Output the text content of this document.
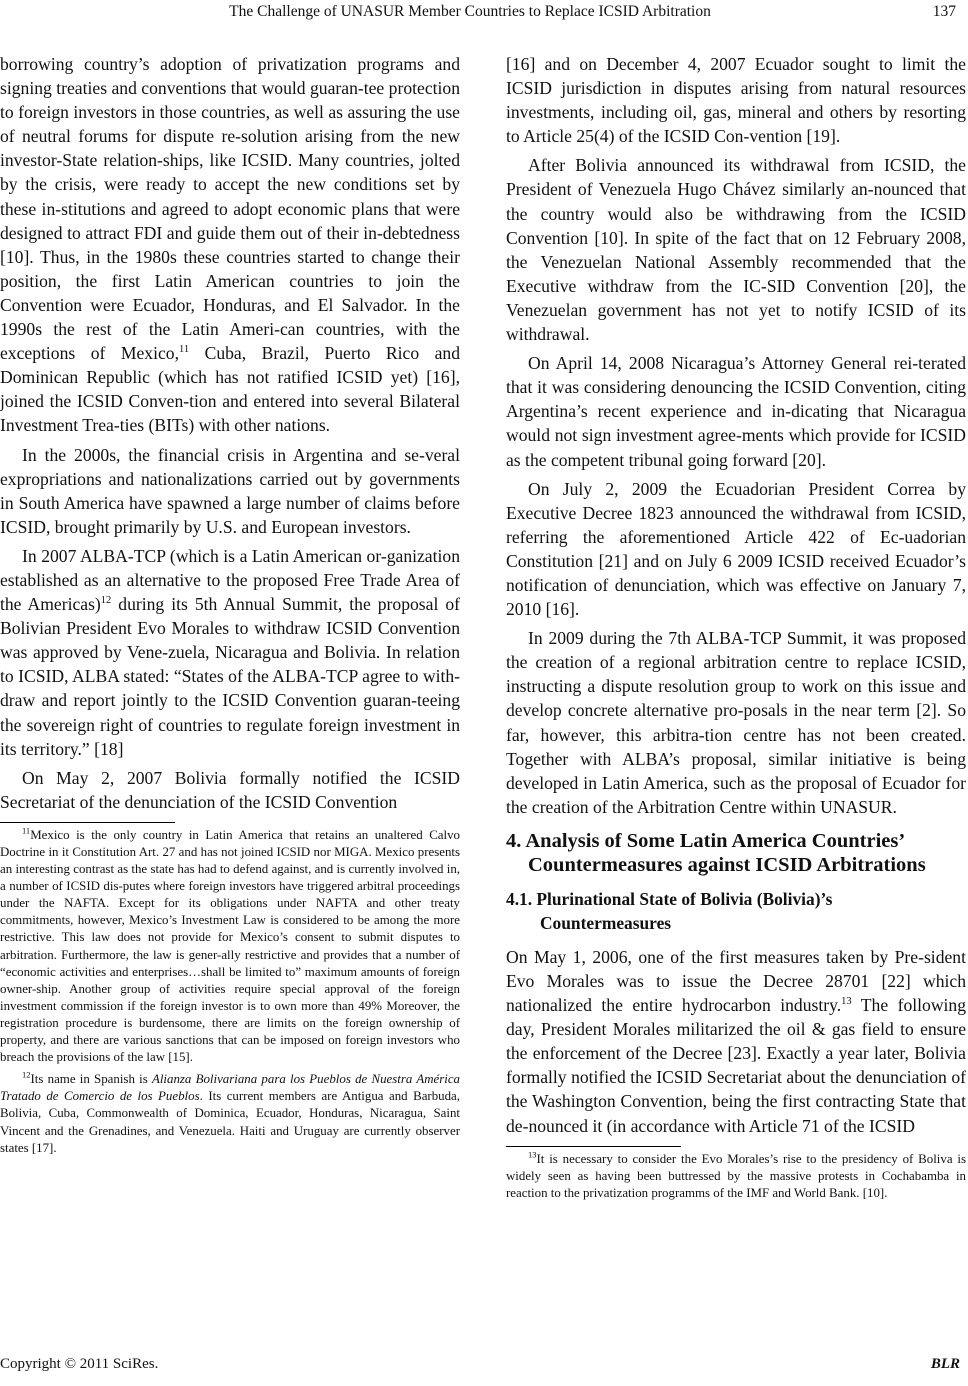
The Challenge of UNASUR Member Countries to Replace ICSID Arbitration	137

borrowing country’s adoption of privatization programs and signing treaties and conventions that would guaran-tee protection to foreign investors in those countries, as well as assuring the use of neutral forums for dispute re-solution arising from the new investor-State relation-ships, like ICSID. Many countries, jolted by the crisis, were ready to accept the new conditions set by these in-stitutions and agreed to adopt economic plans that were designed to attract FDI and guide them out of their in-debtedness [10]. Thus, in the 1980s these countries started to change their position, the first Latin American countries to join the Convention were Ecuador, Honduras, and El Salvador. In the 1990s the rest of the Latin Ameri-can countries, with the exceptions of Mexico,$^{11}$ Cuba, Brazil, Puerto Rico and Dominican Republic (which has not ratified ICSID yet) [16], joined the ICSID Conven-tion and entered into several Bilateral Investment Trea-ties (BITs) with other nations.

In the 2000s, the financial crisis in Argentina and se-veral expropriations and nationalizations carried out by governments in South America have spawned a large number of claims before ICSID, brought primarily by U.S. and European investors.

In 2007 ALBA-TCP (which is a Latin American or-ganization established as an alternative to the proposed Free Trade Area of the Americas)$^{12}$ during its 5th Annual Summit, the proposal of Bolivian President Evo Morales to withdraw ICSID Convention was approved by Vene-zuela, Nicaragua and Bolivia. In relation to ICSID, ALBA stated: “States of the ALBA-TCP agree to with-draw and report jointly to the ICSID Convention guaran-teeing the sovereign right of countries to regulate foreign investment in its territory.” [18]

On May 2, 2007 Bolivia formally notified the ICSID Secretariat of the denunciation of the ICSID Convention

$^{11}$Mexico is the only country in Latin America that retains an unaltered Calvo Doctrine in it Constitution Art. 27 and has not joined ICSID nor MIGA. Mexico presents an interesting contrast as the state has had to defend against, and is currently involved in, a number of ICSID dis-putes where foreign investors have triggered arbitral proceedings under the NAFTA. Except for its obligations under NAFTA and other treaty commitments, however, Mexico’s Investment Law is considered to be among the more restrictive. This law does not provide for Mexico’s consent to submit disputes to arbitration. Furthermore, the law is gener-ally restrictive and provides that a number of “economic activities and enterprises…shall be limited to” maximum amounts of foreign owner-ship. Another group of activities require special approval of the foreign investment commission if the foreign investor is to own more than 49% Moreover, the registration procedure is burdensome, there are limits on the foreign ownership of property, and there are various sanctions that can be imposed on foreign investors who breach the provisions of the law [15].

$^{12}$Its name in Spanish is Alianza Bolivariana para los Pueblos de Nuestra América Tratado de Comercio de los Pueblos. Its current members are Antigua and Barbuda, Bolivia, Cuba, Commonwealth of Dominica, Ecuador, Honduras, Nicaragua, Saint Vincent and the Grenadines, and Venezuela. Haiti and Uruguay are currently observer states [17].

[16] and on December 4, 2007 Ecuador sought to limit the ICSID jurisdiction in disputes arising from natural resources investments, including oil, gas, mineral and others by resorting to Article 25(4) of the ICSID Con-vention [19].

After Bolivia announced its withdrawal from ICSID, the President of Venezuela Hugo Chávez similarly an-nounced that the country would also be withdrawing from the ICSID Convention [10]. In spite of the fact that on 12 February 2008, the Venezuelan National Assembly recommended that the Executive withdraw from the IC-SID Convention [20], the Venezuelan government has not yet to notify ICSID of its withdrawal.

On April 14, 2008 Nicaragua’s Attorney General rei-terated that it was considering denouncing the ICSID Convention, citing Argentina’s recent experience and in-dicating that Nicaragua would not sign investment agree-ments which provide for ICSID as the competent tribunal going forward [20].

On July 2, 2009 the Ecuadorian President Correa by Executive Decree 1823 announced the withdrawal from ICSID, referring the aforementioned Article 422 of Ec-uadorian Constitution [21] and on July 6 2009 ICSID received Ecuador’s notification of denunciation, which was effective on January 7, 2010 [16].

In 2009 during the 7th ALBA-TCP Summit, it was proposed the creation of a regional arbitration centre to replace ICSID, instructing a dispute resolution group to work on this issue and develop concrete alternative pro-posals in the near term [2]. So far, however, this arbitra-tion centre has not been created. Together with ALBA’s proposal, similar initiative is being developed in Latin America, such as the proposal of Ecuador for the creation of the Arbitration Centre within UNASUR.

4. Analysis of Some Latin America Countries’ Countermeasures against ICSID Arbitrations
4.1. Plurinational State of Bolivia (Bolivia)’s Countermeasures

On May 1, 2006, one of the first measures taken by Pre-sident Evo Morales was to issue the Decree 28701 [22] which nationalized the entire hydrocarbon industry.$^{13}$ The following day, President Morales militarized the oil & gas field to ensure the enforcement of the Decree [23]. Exactly a year later, Bolivia formally notified the ICSID Secretariat about the denunciation of the Washington Convention, being the first contracting State that de-nounced it (in accordance with Article 71 of the ICSID

$^{13}$It is necessary to consider the Evo Morales’s rise to the presidency of Boliva is widely seen as having been buttressed by the massive protests in Cochabamba in reaction to the privatization programms of the IMF and World Bank. [10].

Copyright © 2011 SciRes.	BLR
